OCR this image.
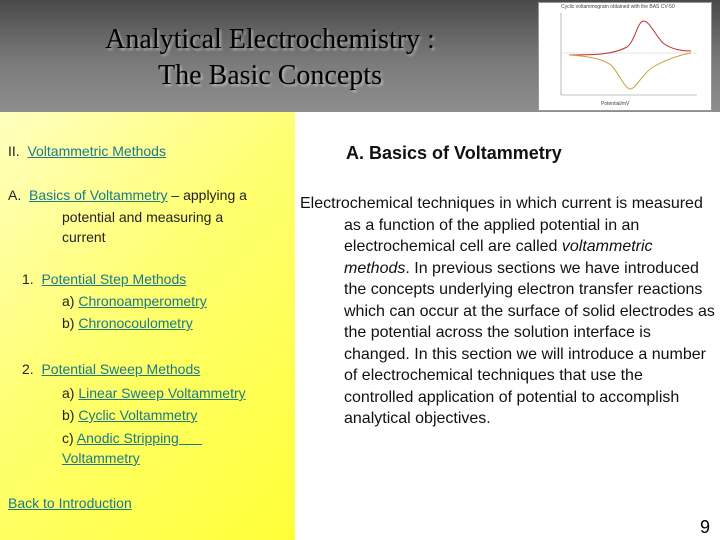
Analytical Electrochemistry :
The Basic Concepts
Cyclic voltammogram obtained with the BAS CV-50
Potential/mV
II. Voltammetric Methods
A. Basics of Voltammetry – applying a
potential and measuring a
current
1. Potential Step Methods
a) Chronoamperometry
b) Chronocoulometry
2. Potential Sweep Methods
a) Linear Sweep Voltammetry
b) Cyclic Voltammetry
c) Anodic Stripping
Voltammetry
Back to Introduction
A. Basics of Voltammetry
Electrochemical techniques in which current is measured as a function of the applied potential in an electrochemical cell are called voltammetric methods. In previous sections we have introduced the concepts underlying electron transfer reactions which can occur at the surface of solid electrodes as the potential across the solution interface is changed. In this section we will introduce a number of electrochemical techniques that use the controlled application of potential to accomplish analytical objectives.
9
